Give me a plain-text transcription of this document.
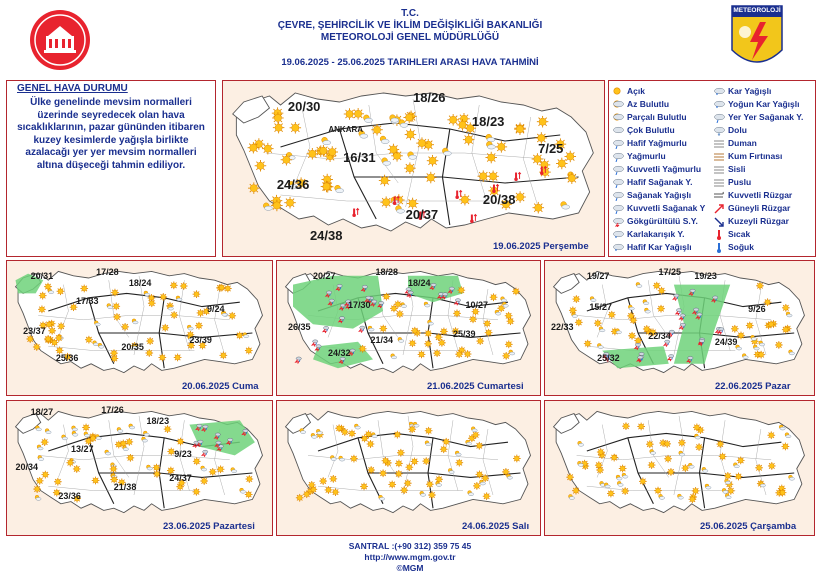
T.C.
ÇEVRE, ŞEHİRCİLİK VE İKLİM DEĞİŞİKLİĞİ BAKANLIĞI
METEOROLOJİ GENEL MÜDÜRLÜĞÜ
19.06.2025 - 25.06.2025 TARIHLERI ARASI HAVA TAHMİNİ
METEOROLOJİ
GENEL HAVA DURUMU
Ülke genelinde mevsim normalleri üzerinde seyredecek olan hava sıcaklıklarının, pazar gününden itibaren kuzey kesimlerde yağışla birlikte azalacağı yer yer mevsim normalleri altına düşeceği tahmin ediliyor.
ANKARA
19.06.2025 Perşembe
20/30
18/26
18/23
7/25
16/31
24/36
20/37
20/38
24/38
Açık
Az Bulutlu
Parçalı Bulutlu
Çok Bulutlu
Hafif Yağmurlu
Yağmurlu
Kuvvetli Yağmurlu
Hafif Sağanak Y.
Sağanak Yağışlı
Kuvvetli Sağanak Y
Gökgürültülü S.Y.
*
Karlakarışık Y.
*
Hafif Kar Yağışlı
*
Kar Yağışlı
*
Yoğun Kar Yağışlı
Yer Yer Sağanak Y.
Dolu
Duman
Kum Fırtınası
Sisli
Puslu
Kuvvetli Rüzgar
Güneyli Rüzgar
Kuzeyli Rüzgar
Sıcak
Soğuk
20.06.2025 Cuma
20/31	17/28
18/24
17/33
9/24
23/37
23/39
20/35
25/36
21.06.2025 Cumartesi
20/27	18/28
18/24
17/30	10/27
26/35
21/34
25/39
24/32
22.06.2025 Pazar
19/27	17/25 19/23
15/27	9/26
22/33
22/34
24/39
25/32
23.06.2025 Pazartesi
18/27	17/26
18/23
13/27	9/23
20/34
24/37
21/38
23/36
24.06.2025 Salı	25.06.2025 Çarşamba
SANTRAL :(+90 312) 359 75 45
http://www.mgm.gov.tr
©MGM
